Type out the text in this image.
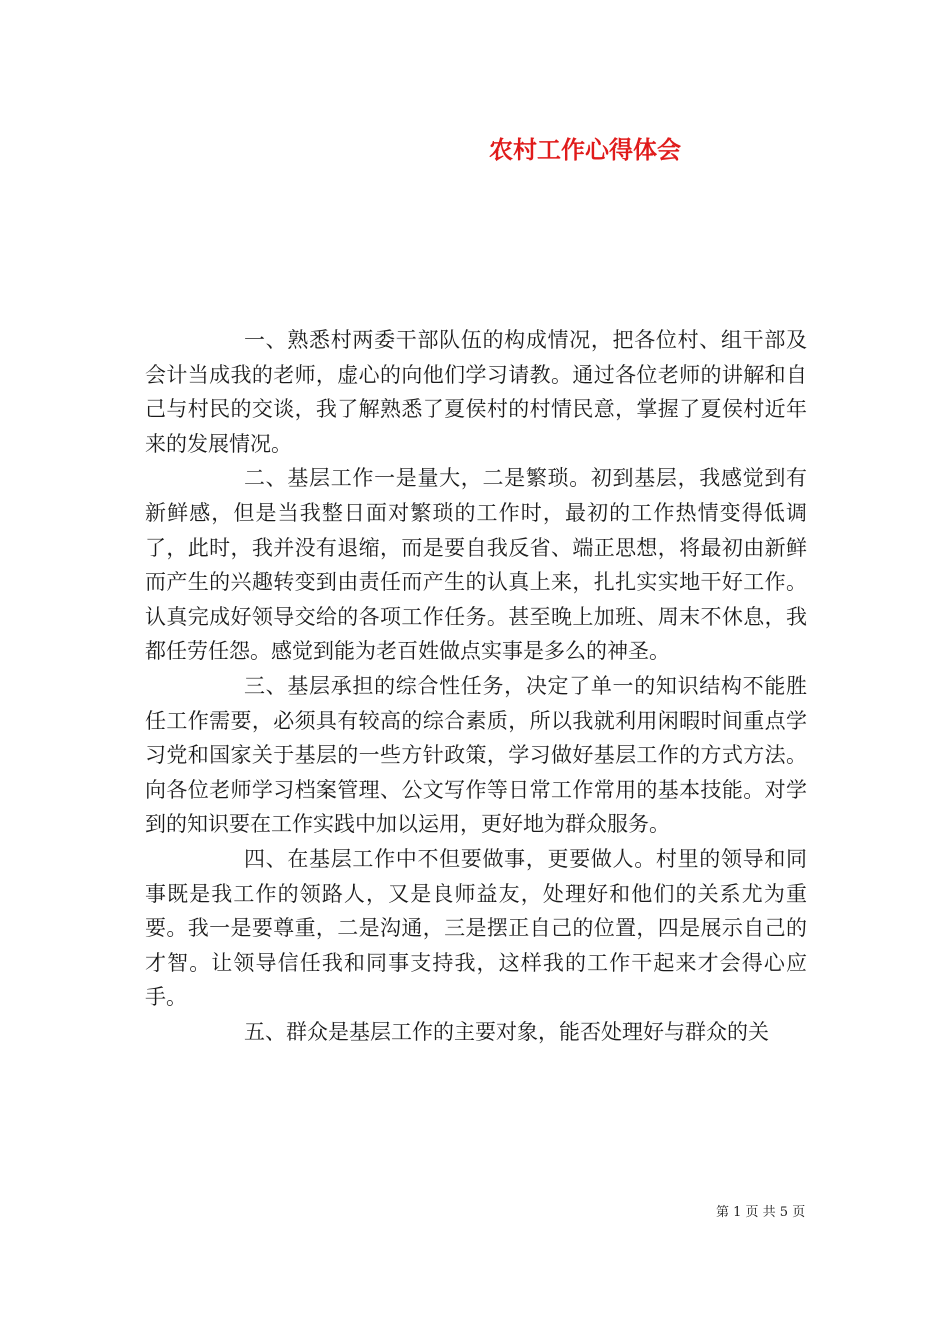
农村工作心得体会

一、熟悉村两委干部队伍的构成情况，把各位村、组干部及会计当成我的老师，虚心的向他们学习请教。通过各位老师的讲解和自己与村民的交谈，我了解熟悉了夏侯村的村情民意，掌握了夏侯村近年来的发展情况。

二、基层工作一是量大，二是繁琐。初到基层，我感觉到有新鲜感，但是当我整日面对繁琐的工作时，最初的工作热情变得低调了，此时，我并没有退缩，而是要自我反省、端正思想，将最初由新鲜而产生的兴趣转变到由责任而产生的认真上来，扎扎实实地干好工作。认真完成好领导交给的各项工作任务。甚至晚上加班、周末不休息，我都任劳任怨。感觉到能为老百姓做点实事是多么的神圣。

三、基层承担的综合性任务，决定了单一的知识结构不能胜任工作需要，必须具有较高的综合素质，所以我就利用闲暇时间重点学习党和国家关于基层的一些方针政策，学习做好基层工作的方式方法。向各位老师学习档案管理、公文写作等日常工作常用的基本技能。对学到的知识要在工作实践中加以运用，更好地为群众服务。

四、在基层工作中不但要做事，更要做人。村里的领导和同事既是我工作的领路人，又是良师益友，处理好和他们的关系尤为重要。我一是要尊重，二是沟通，三是摆正自己的位置，四是展示自己的才智。让领导信任我和同事支持我，这样我的工作干起来才会得心应手。

五、群众是基层工作的主要对象，能否处理好与群众的关

第 1 页 共 5 页
